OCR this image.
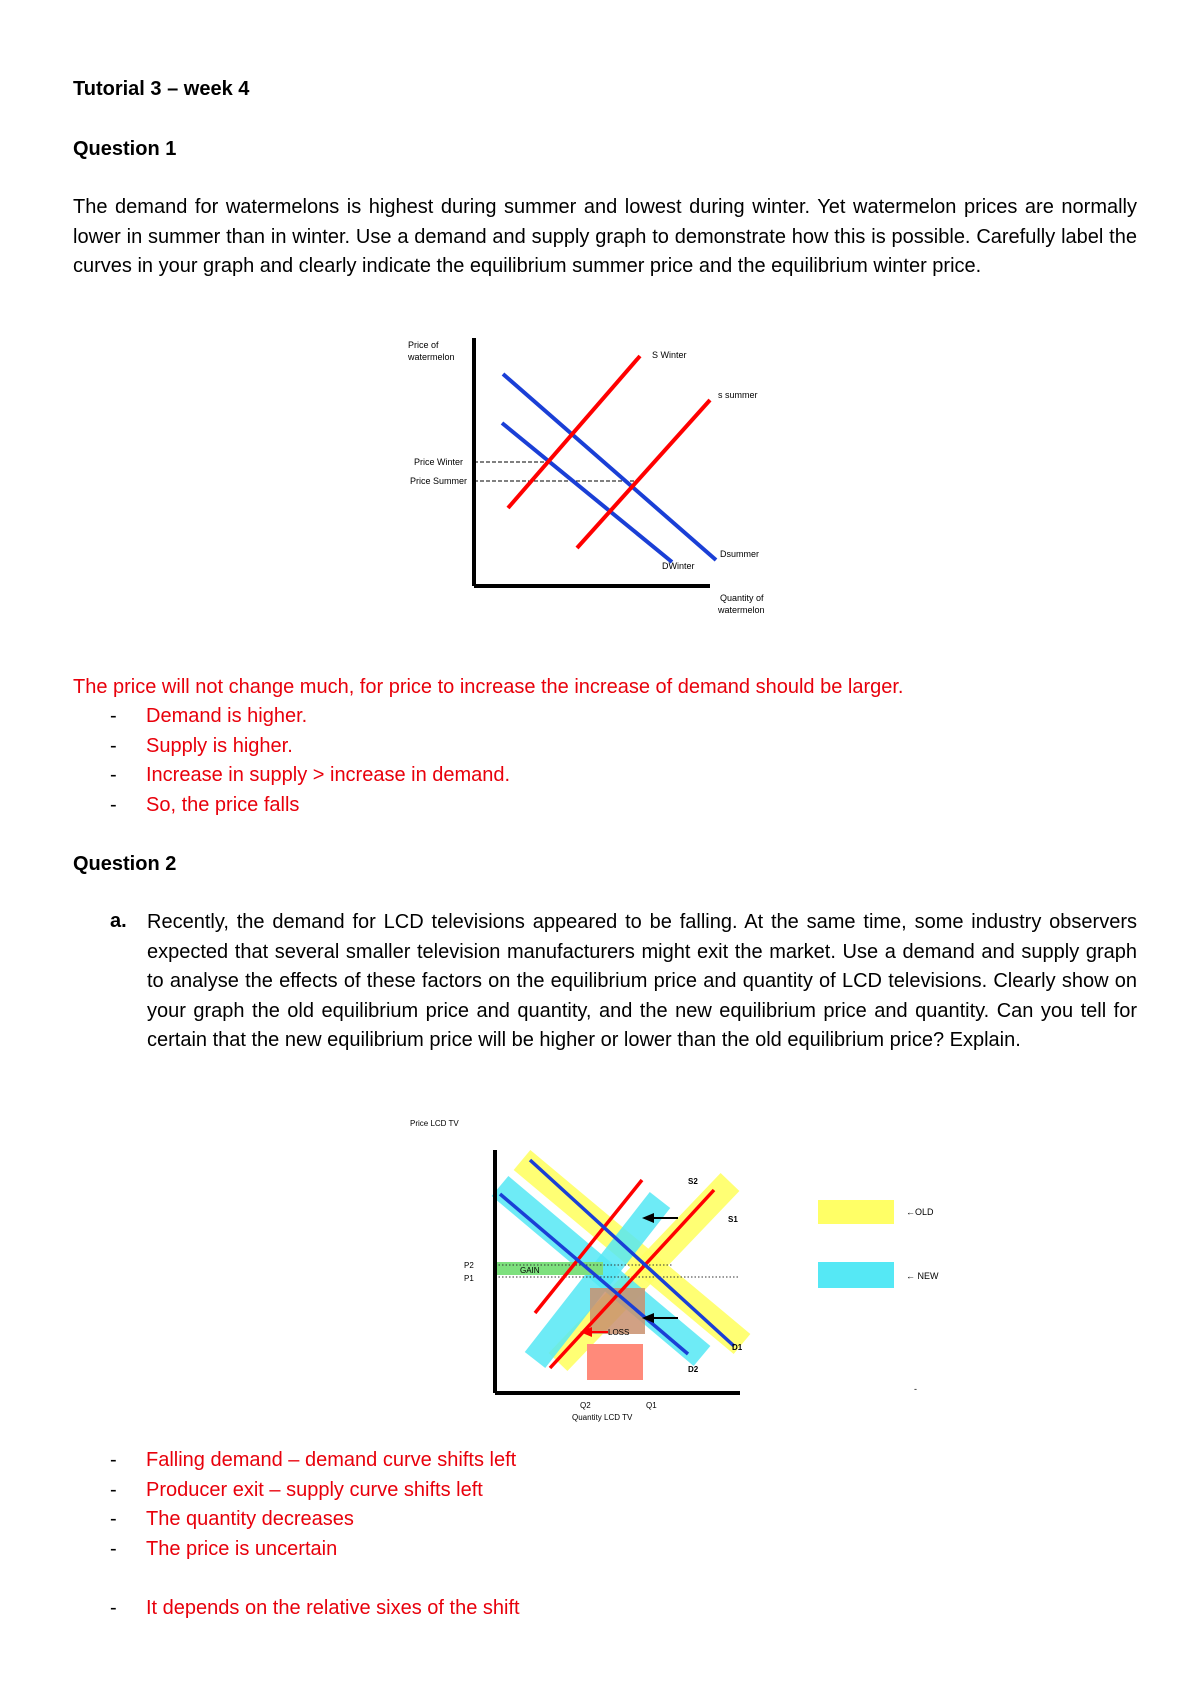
Tutorial 3 – week 4

Question 1

The demand for watermelons is highest during summer and lowest during winter. Yet watermelon prices are normally lower in summer than in winter. Use a demand and supply graph to demonstrate how this is possible. Carefully label the curves in your graph and clearly indicate the equilibrium summer price and the equilibrium winter price.

Price of
watermelon	S Winter
s summer
Price Winter
Price Summer
DWinter
Dsummer
Quantity of
watermelon

The price will not change much, for price to increase the increase of demand should be larger.

- Demand is higher.
- Supply is higher.
- Increase in supply > increase in demand.
- So, the price falls

Question 2

a. Recently, the demand for LCD televisions appeared to be falling. At the same time, some industry observers expected that several smaller television manufacturers might exit the market. Use a demand and supply graph to analyse the effects of these factors on the equilibrium price and quantity of LCD televisions. Clearly show on your graph the old equilibrium price and quantity, and the new equilibrium price and quantity. Can you tell for certain that the new equilibrium price will be higher or lower than the old equilibrium price? Explain.

Price LCD TV
S2
S1
P2
P1
GAIN
LOSS
D2
D1
Q2	Q1
Quantity LCD TV
←OLD
← NEW
-
- Falling demand – demand curve shifts left
- Producer exit – supply curve shifts left
- The quantity decreases
- The price is uncertain
- It depends on the relative sixes of the shift
